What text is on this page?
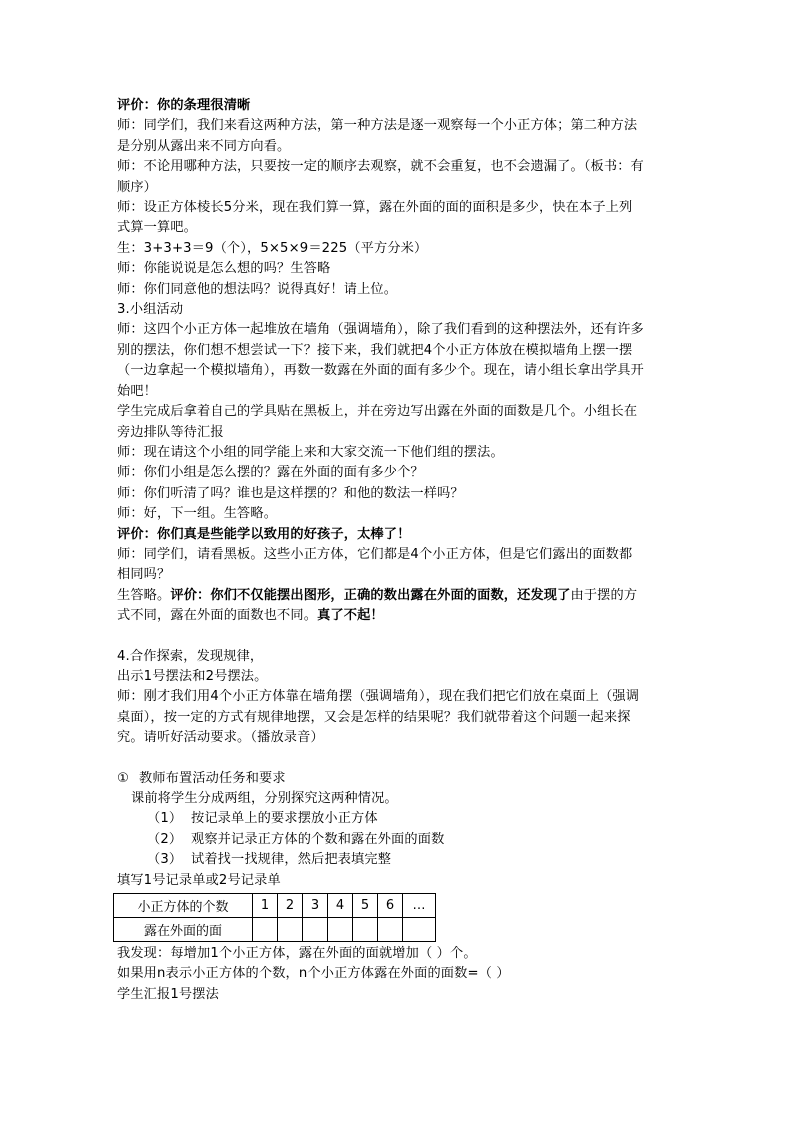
评价：你的条理很清晰

师：同学们，我们来看这两种方法，第一种方法是逐一观察每一个小正方体；第二种方法

是分别从露出来不同方向看。

师：不论用哪种方法，只要按一定的顺序去观察，就不会重复，也不会遗漏了。（板书：有

顺序）

师：设正方体棱长5分米，现在我们算一算，露在外面的面的面积是多少，快在本子上列

式算一算吧。

生：3+3+3＝9（个），5×5×9＝225（平方分米）

师：你能说说是怎么想的吗？生答略

师：你们同意他的想法吗？说得真好！请上位。

3.小组活动

师：这四个小正方体一起堆放在墙角（强调墙角），除了我们看到的这种摆法外，还有许多

别的摆法，你们想不想尝试一下？接下来，我们就把4个小正方体放在模拟墙角上摆一摆

（一边拿起一个模拟墙角），再数一数露在外面的面有多少个。现在，请小组长拿出学具开

始吧！

学生完成后拿着自己的学具贴在黑板上，并在旁边写出露在外面的面数是几个。小组长在

旁边排队等待汇报

师：现在请这个小组的同学能上来和大家交流一下他们组的摆法。

师：你们小组是怎么摆的？露在外面的面有多少个？

师：你们听清了吗？谁也是这样摆的？和他的数法一样吗？

师：好，下一组。生答略。

评价：你们真是些能学以致用的好孩子，太棒了！

师：同学们，请看黑板。这些小正方体，它们都是4个小正方体，但是它们露出的面数都

相同吗？

生答略。评价：你们不仅能摆出图形，正确的数出露在外面的面数，还发现了由于摆的方

式不同，露在外面的面数也不同。真了不起！

4.合作探索，发现规律，

出示1号摆法和2号摆法。

师：刚才我们用4个小正方体靠在墙角摆（强调墙角），现在我们把它们放在桌面上（强调

桌面），按一定的方式有规律地摆，又会是怎样的结果呢？我们就带着这个问题一起来探

究。请听好活动要求。（播放录音）

① 教师布置活动任务和要求

课前将学生分成两组，分别探究这两种情况。

（1） 按记录单上的要求摆放小正方体

（2） 观察并记录正方体的个数和露在外面的面数

（3） 试着找一找规律，然后把表填完整

填写1号记录单或2号记录单

小正方体的个数	1	2	3	4	5	6	…
露在外面的面							

我发现：每增加1个小正方体，露在外面的面就增加（ ）个。

如果用n表示小正方体的个数，n个小正方体露在外面的面数=（ ）

学生汇报1号摆法
